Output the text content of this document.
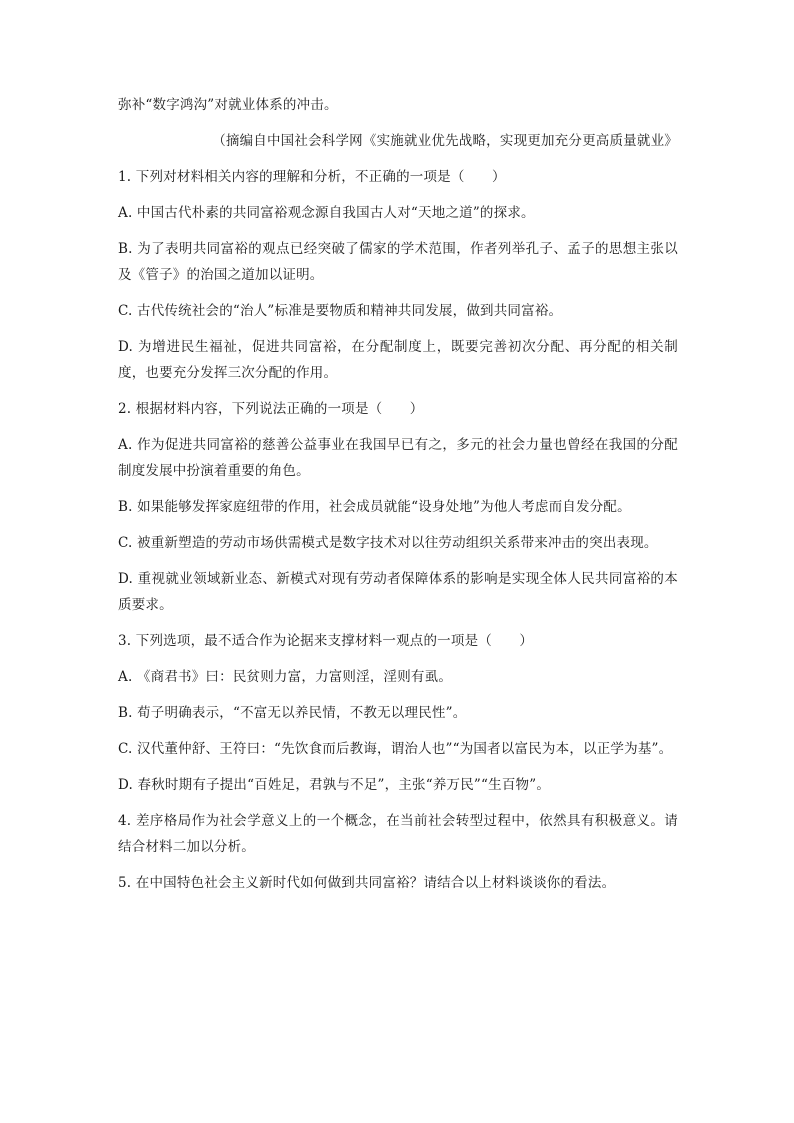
弥补“数字鸿沟”对就业体系的冲击。

（摘编自中国社会科学网《实施就业优先战略，实现更加充分更高质量就业》

1. 下列对材料相关内容的理解和分析，不正确的一项是（　　）

A. 中国古代朴素的共同富裕观念源自我国古人对“天地之道”的探求。

B. 为了表明共同富裕的观点已经突破了儒家的学术范围，作者列举孔子、孟子的思想主张以及《管子》的治国之道加以证明。

C. 古代传统社会的“治人”标准是要物质和精神共同发展，做到共同富裕。

D. 为增进民生福祉，促进共同富裕，在分配制度上，既要完善初次分配、再分配的相关制度，也要充分发挥三次分配的作用。

2. 根据材料内容，下列说法正确的一项是（　　）

A. 作为促进共同富裕的慈善公益事业在我国早已有之，多元的社会力量也曾经在我国的分配制度发展中扮演着重要的角色。

B. 如果能够发挥家庭纽带的作用，社会成员就能“设身处地”为他人考虑而自发分配。

C. 被重新塑造的劳动市场供需模式是数字技术对以往劳动组织关系带来冲击的突出表现。

D. 重视就业领域新业态、新模式对现有劳动者保障体系的影响是实现全体人民共同富裕的本质要求。

3. 下列选项，最不适合作为论据来支撑材料一观点的一项是（　　）

A. 《商君书》曰：民贫则力富，力富则淫，淫则有虱。

B. 荀子明确表示，“不富无以养民情，不教无以理民性”。

C. 汉代董仲舒、王符曰：“先饮食而后教诲，谓治人也”“为国者以富民为本，以正学为基”。

D. 春秋时期有子提出“百姓足，君孰与不足”，主张“养万民”“生百物”。

4. 差序格局作为社会学意义上的一个概念，在当前社会转型过程中，依然具有积极意义。请结合材料二加以分析。

5. 在中国特色社会主义新时代如何做到共同富裕？请结合以上材料谈谈你的看法。
